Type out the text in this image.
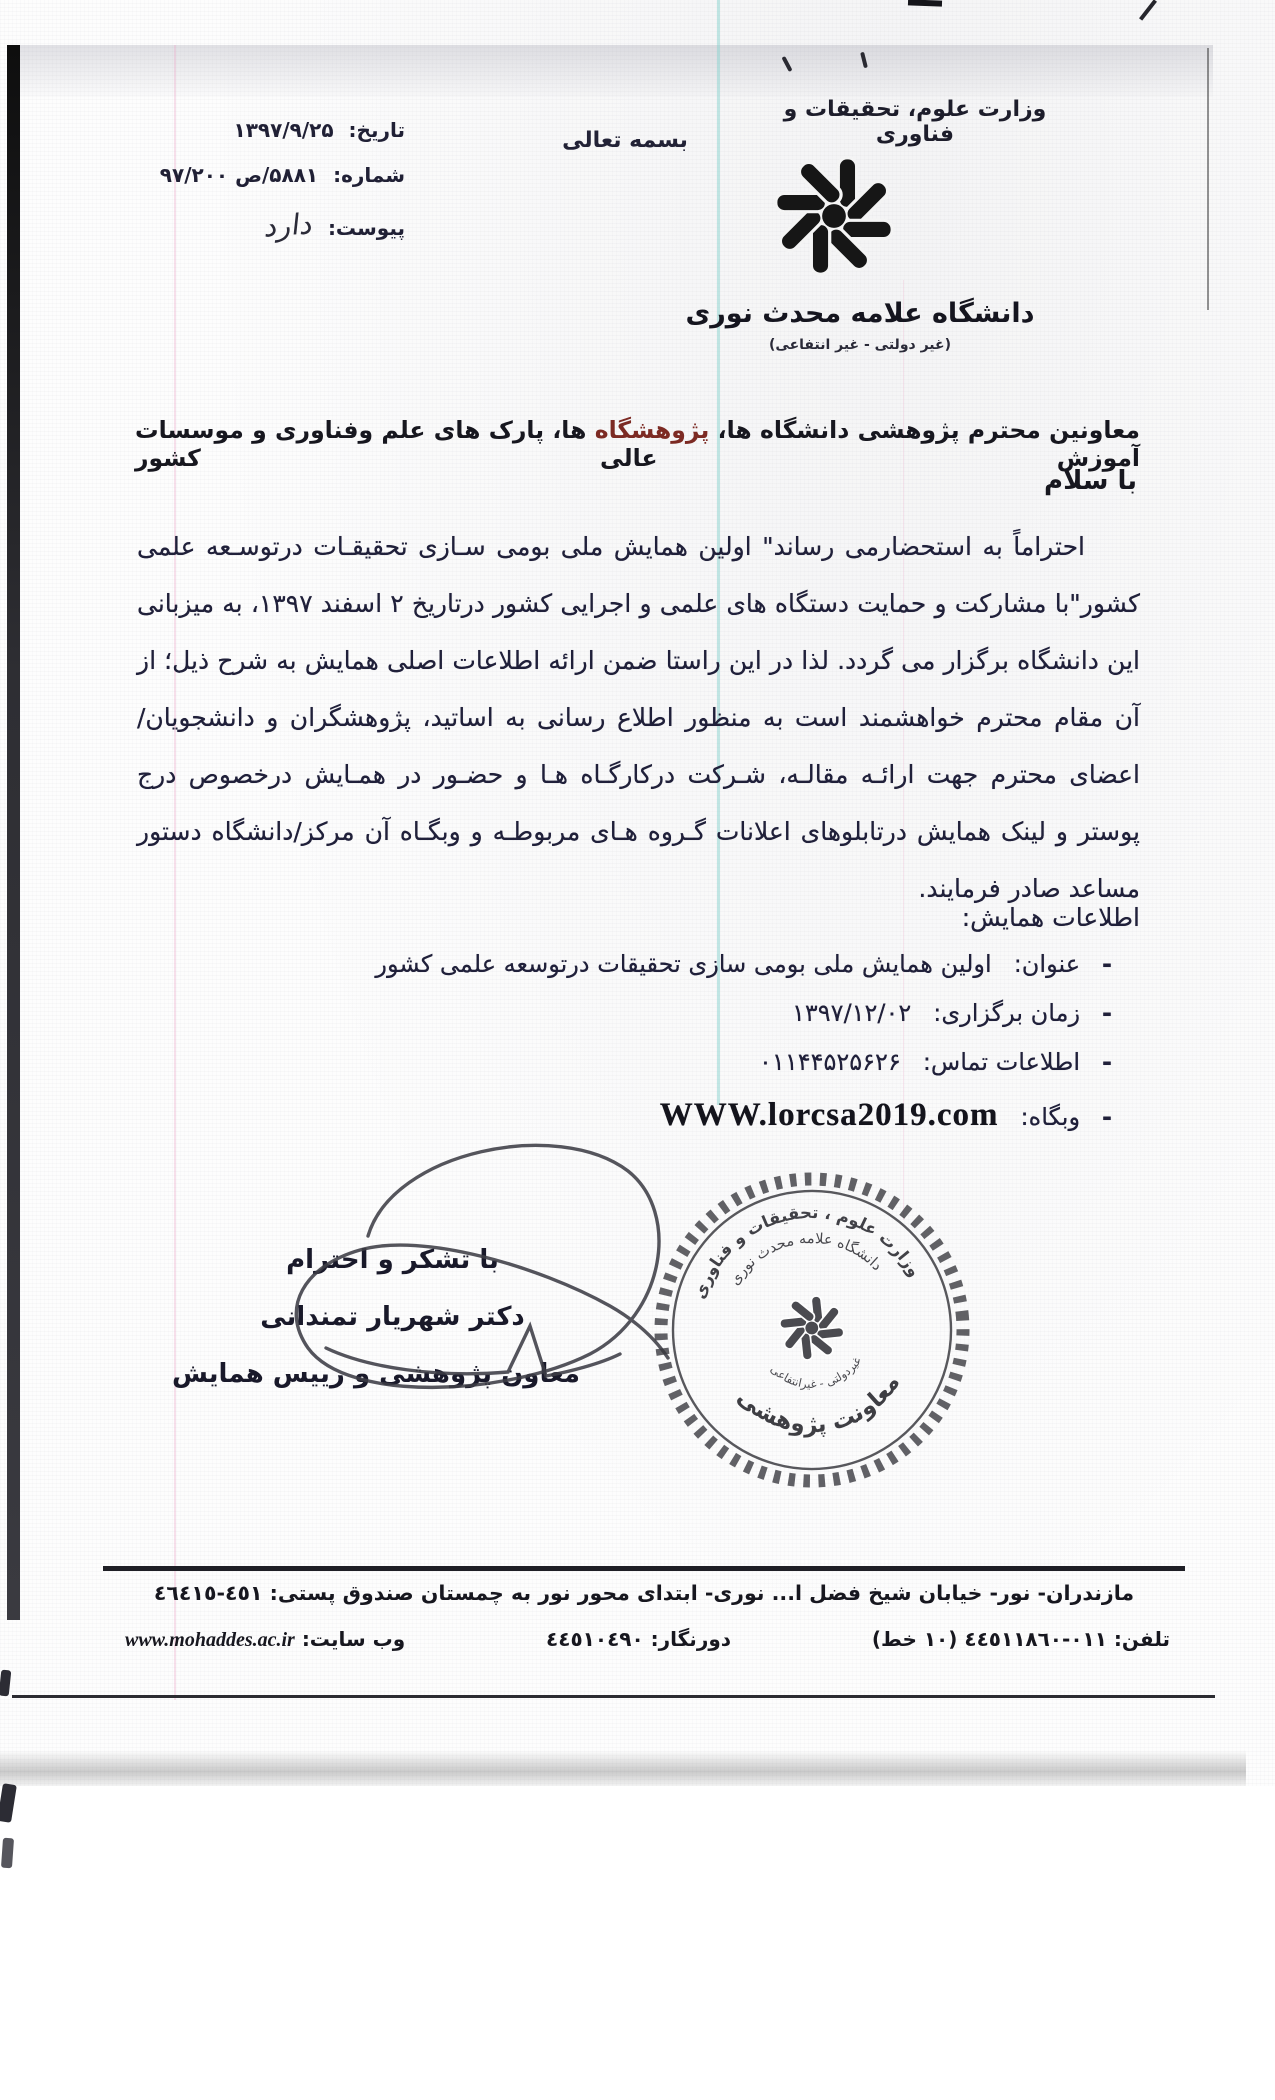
وزارت علوم، تحقیقات و فناوری
بسمه تعالی
دانشگاه علامه محدث نوری
(غیر دولتی - غیر انتفاعی)
تاریخ: ۱۳۹۷/۹/۲۵
شماره: ۵۸۸۱/ص ۹۷/۲۰۰
پیوست: دارد
معاونین محترم پژوهشی دانشگاه ها، پژوهشگاه ها، پارک های علم وفناوری و موسسات آموزش عالی کشور
با سلام

احتراماً به استحضارمی رساند" اولین همایش ملی بومی سـازی تحقیقـات درتوسـعه علمی کشور"با مشارکت و حمایت دستگاه های علمی و اجرایی کشور درتاریخ ۲ اسفند ۱۳۹۷، به میزبانی این دانشگاه برگزار می گردد. لذا در این راستا ضمن ارائه اطلاعات اصلی همایش به شرح ذیل؛ از آن مقام محترم خواهشمند است به منظور اطلاع رسانی به اساتید، پژوهشگران و دانشجویان/اعضای محترم جهت ارائـه مقالـه، شـرکت درکارگـاه هـا و حضـور در همـایش درخصوص درج پوستر و لینک همایش درتابلوهای اعلانات گـروه هـای مربوطـه و وبگـاه آن مرکز/دانشگاه دستور مساعد صادر فرمایند.

اطلاعات همایش:
-
عنوان:
اولین همایش ملی بومی سازی تحقیقات درتوسعه علمی کشور
-
زمان برگزاری:
۱۳۹۷/۱۲/۰۲
-
اطلاعات تماس:
۰۱۱۴۴۵۲۵۶۲۶
-
وبگاه:
WWW.lorcsa2019.com
با تشکر و احترام
دکتر شهریار تمندانی
معاون پژوهشی و رییس همایش
وزارت علوم ، تحقیقات و فناوری
دانشگاه علامه محدث نوری
غیردولتی - غیرانتفاعی
معاونت پژوهشی
مازندران- نور- خیابان شیخ فضل ا... نوری- ابتدای محور نور به چمستان صندوق پستی: ٤٥١-٤٦٤١٥
تلفن: ٠١١-٤٤٥١١٨٦٠ (١٠ خط)
دورنگار: ٤٤٥١٠٤٩٠
وب سایت: www.mohaddes.ac.ir
